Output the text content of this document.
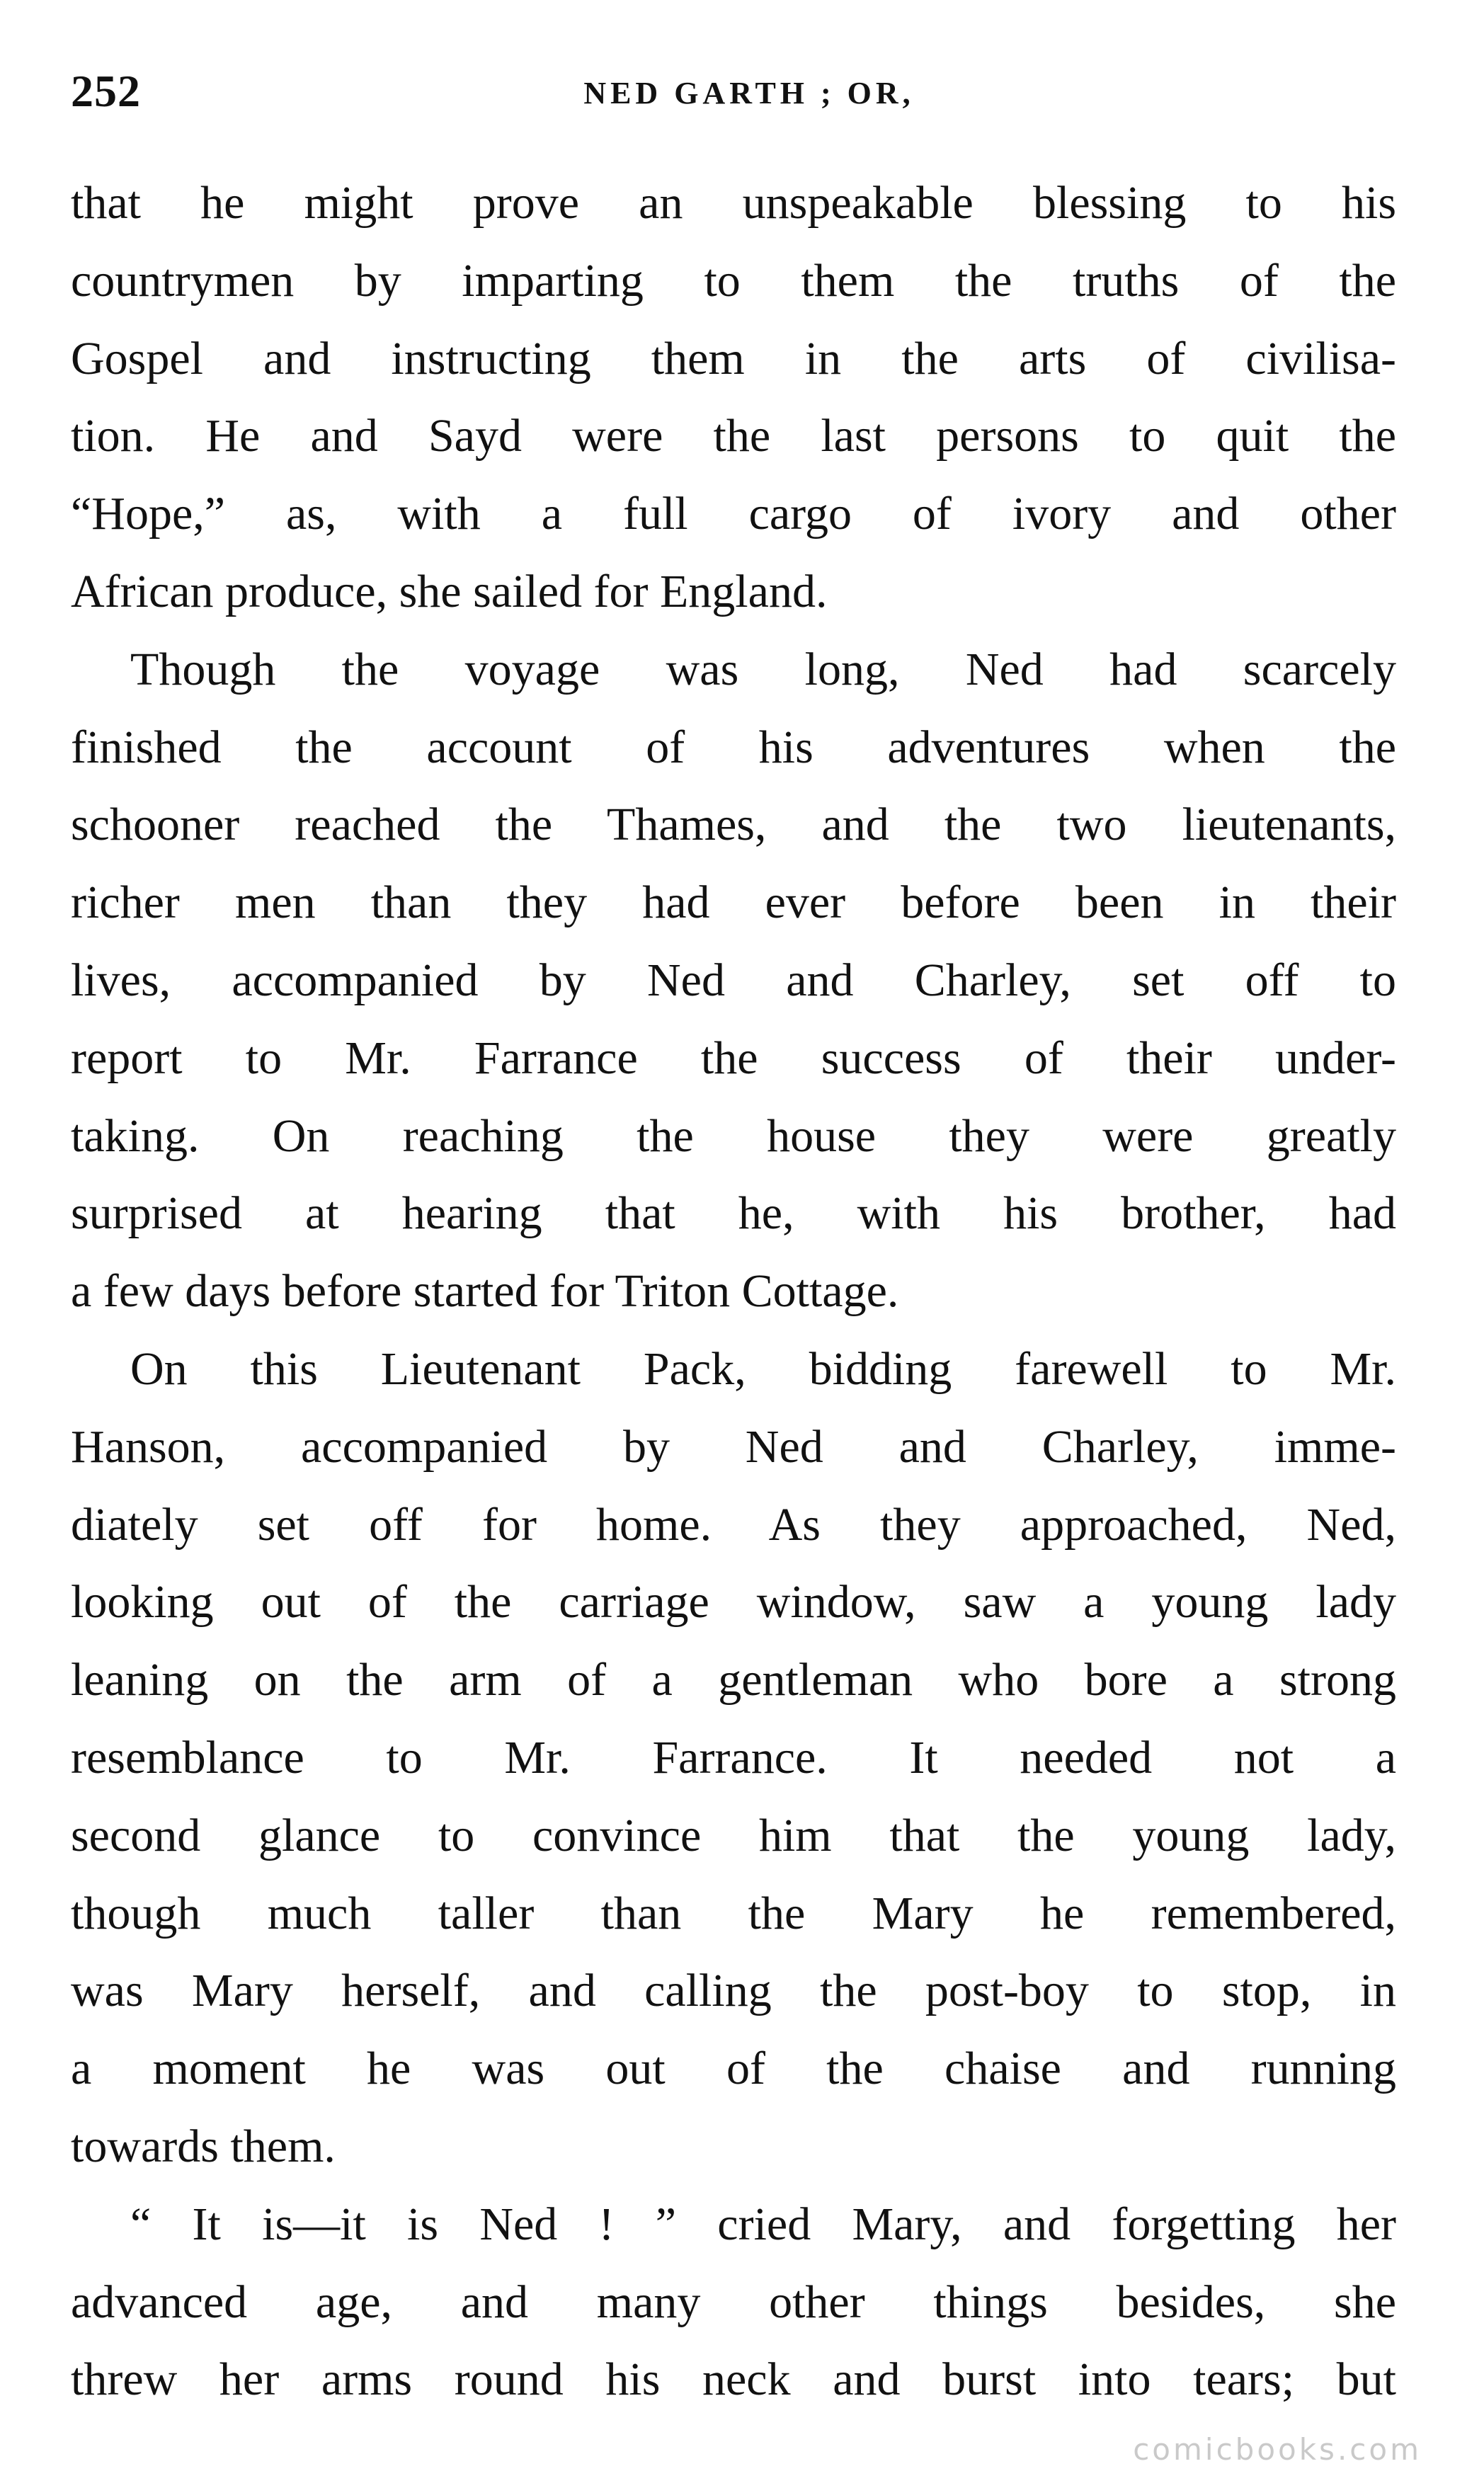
252	NED GARTH ; OR,

that he might prove an unspeakable blessing to his
countrymen by imparting to them the truths of the
Gospel and instructing them in the arts of civilisa-
tion. He and Sayd were the last persons to quit the
“Hope,” as, with a full cargo of ivory and other
African produce, she sailed for England.

Though the voyage was long, Ned had scarcely
finished the account of his adventures when the
schooner reached the Thames, and the two lieutenants,
richer men than they had ever before been in their
lives, accompanied by Ned and Charley, set off to
report to Mr. Farrance the success of their under-
taking. On reaching the house they were greatly
surprised at hearing that he, with his brother, had
a few days before started for Triton Cottage.

On this Lieutenant Pack, bidding farewell to Mr.
Hanson, accompanied by Ned and Charley, imme-
diately set off for home. As they approached, Ned,
looking out of the carriage window, saw a young lady
leaning on the arm of a gentleman who bore a strong
resemblance to Mr. Farrance. It needed not a
second glance to convince him that the young lady,
though much taller than the Mary he remembered,
was Mary herself, and calling the post-boy to stop, in
a moment he was out of the chaise and running
towards them.

“ It is—it is Ned ! ” cried Mary, and forgetting her
advanced age, and many other things besides, she
threw her arms round his neck and burst into tears; but

comicbooks.com
